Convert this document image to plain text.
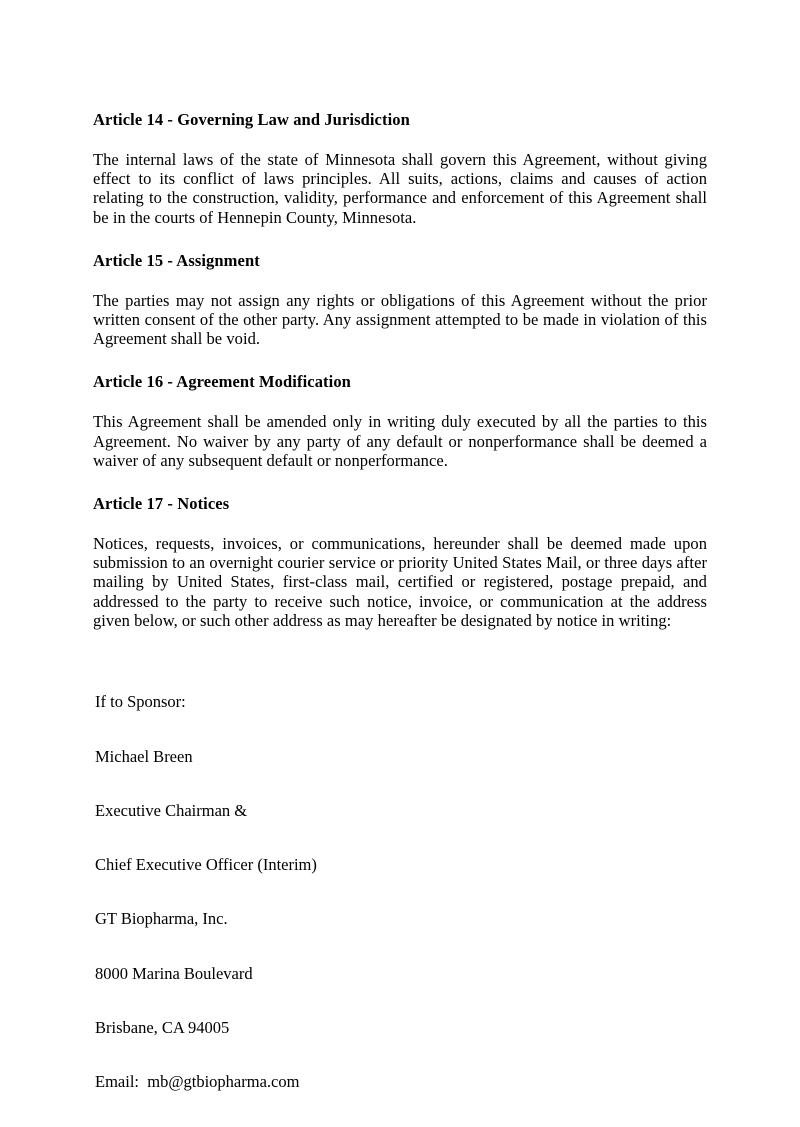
Article 14 - Governing Law and Jurisdiction

The internal laws of the state of Minnesota shall govern this Agreement, without giving effect to its conflict of laws principles. All suits, actions, claims and causes of action relating to the construction, validity, performance and enforcement of this Agreement shall be in the courts of Hennepin County, Minnesota.

Article 15 - Assignment

The parties may not assign any rights or obligations of this Agreement without the prior written consent of the other party. Any assignment attempted to be made in violation of this Agreement shall be void.

Article 16 - Agreement Modification

This Agreement shall be amended only in writing duly executed by all the parties to this Agreement. No waiver by any party of any default or nonperformance shall be deemed a waiver of any subsequent default or nonperformance.

Article 17 - Notices

Notices, requests, invoices, or communications, hereunder shall be deemed made upon submission to an overnight courier service or priority United States Mail, or three days after mailing by United States, first-class mail, certified or registered, postage prepaid, and addressed to the party to receive such notice, invoice, or communication at the address given below, or such other address as may hereafter be designated by notice in writing:

If to Sponsor:

Michael Breen

Executive Chairman &

Chief Executive Officer (Interim)

GT Biopharma, Inc.

8000 Marina Boulevard

Brisbane, CA 94005

Email:  mb@gtbiopharma.com
